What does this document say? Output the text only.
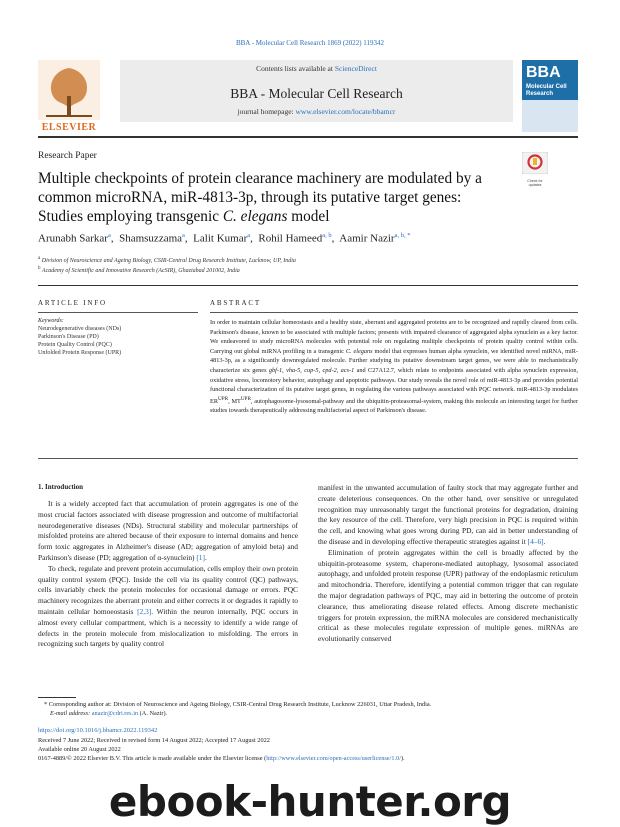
BBA - Molecular Cell Research 1869 (2022) 119342
ELSEVIER
Contents lists available at ScienceDirect
BBA - Molecular Cell Research
journal homepage: www.elsevier.com/locate/bbamcr
BBA
Molecular Cell
Research
Research Paper
Check for updates
Multiple checkpoints of protein clearance machinery are modulated by a common microRNA, miR-4813-3p, through its putative target genes: Studies employing transgenic C. elegans model
Arunabh Sarkar$^a$,  Shamsuzzama$^a$,  Lalit Kumar$^a$,  Rohil Hameed$^{a, b}$,  Aamir Nazir$^{a, b, *}$
$^a$ Division of Neuroscience and Ageing Biology, CSIR-Central Drug Research Institute, Lucknow, UP, India
$^b$ Academy of Scientific and Innovative Research (AcSIR), Ghaziabad 201002, India
ARTICLE INFO	ABSTRACT
Keywords:
Neurodegenerative diseases (NDs)
Parkinson's Disease (PD)
Protein Quality Control (PQC)
Unfolded Protein Response (UPR)
In order to maintain cellular homeostasis and a healthy state, aberrant and aggregated proteins are to be recognized and rapidly cleared from cells. Parkinson's disease, known to be associated with multiple factors; presents with impaired clearance of aggregated alpha synuclein as a key factor. We endeavored to study microRNA molecules with potential role on regulating multiple checkpoints of protein quality control within cells. Carrying out global miRNA profiling in a transgenic C. elegans model that expresses human alpha synuclein, we identified novel miRNA, miR-4813-3p, as a significantly downregulated molecule. Further studying its putative downstream target genes, we were able to mechanistically characterize six genes gbf-1, vha-5, cup-5, cpd-2, acs-1 and C27A12.7, which relate to endpoints associated with alpha synuclein expression, oxidative stress, locomotory behavior, autophagy and apoptotic pathways. Our study reveals the novel role of miR-4813-3p and provides potential functional characterization of its putative target genes, in regulating the various pathways associated with PQC network. miR-4813-3p modulates $ER^{UPR}$, $MT^{UPR}$, autophagosome-lysosomal-pathway and the ubiquitin-proteasomal-system, making this molecule an interesting target for further studies towards therapeutically addressing multifactorial aspect of Parkinson's disease.
1. Introduction

It is a widely accepted fact that accumulation of protein aggregates is one of the most crucial factors associated with disease progression and outcome of multifactorial neurodegenerative diseases (NDs). Structural stability and molecular partnerships of misfolded proteins are altered because of their exposure to internal domains and hence form toxic aggregates in Alzheimer's disease (AD; aggregation of amyloid beta) and Parkinson's disease (PD; aggregation of α-synuclein) [1].

To check, regulate and prevent protein accumulation, cells employ their own protein quality control system (PQC). Inside the cell via its quality control (QC) pathways, cells invariably check the protein molecules for occasional damage or errors. PQC machinery recognizes the aberrant protein and either corrects it or degrades it rapidly to maintain cellular homoeostasis [2,3]. Within the neuron internally, PQC occurs in almost every cellular compartment, which is a necessity to identify a wide range of defects in the protein molecule from mislocalization to misfolding. The errors in recognizing such targets by quality control

manifest in the unwanted accumulation of faulty stock that may aggregate further and create deleterious consequences. On the other hand, over sensitive or unregulated recognition may unreasonably target the functional proteins for degradation, draining the key resource of the cell. Therefore, very high precision in PQC is required within the cell, and knowing what goes wrong during PD, can aid in better understanding of the disease and in developing effective therapeutic strategies against it [4–6].

Elimination of protein aggregates within the cell is broadly affected by the ubiquitin-proteasome system, chaperone-mediated autophagy, lysosomal associated autophagy, and unfolded protein response (UPR) pathway of the endoplasmic reticulum and mitochondria. Therefore, identifying a potential common trigger that can regulate the major degradation pathways of PQC, may aid in bettering the outcome of protein clearance, thus ameliorating disease related effects. Among discrete mechanistic triggers for protein expression, the miRNA molecules are considered mechanistically critical as these molecules regulate expression of multiple genes. miRNAs are evolutionarily conserved

* Corresponding author at: Division of Neuroscience and Ageing Biology, CSIR-Central Drug Research Institute, Lucknow 226031, Uttar Pradesh, India.
E-mail address: anazir@cdri.res.in (A. Nazir).
https://doi.org/10.1016/j.bbamcr.2022.119342
Received 7 June 2022; Received in revised form 14 August 2022; Accepted 17 August 2022
Available online 20 August 2022
0167-4889/© 2022 Elsevier B.V. This article is made available under the Elsevier license (http://www.elsevier.com/open-access/userlicense/1.0/).
ebook-hunter.org
